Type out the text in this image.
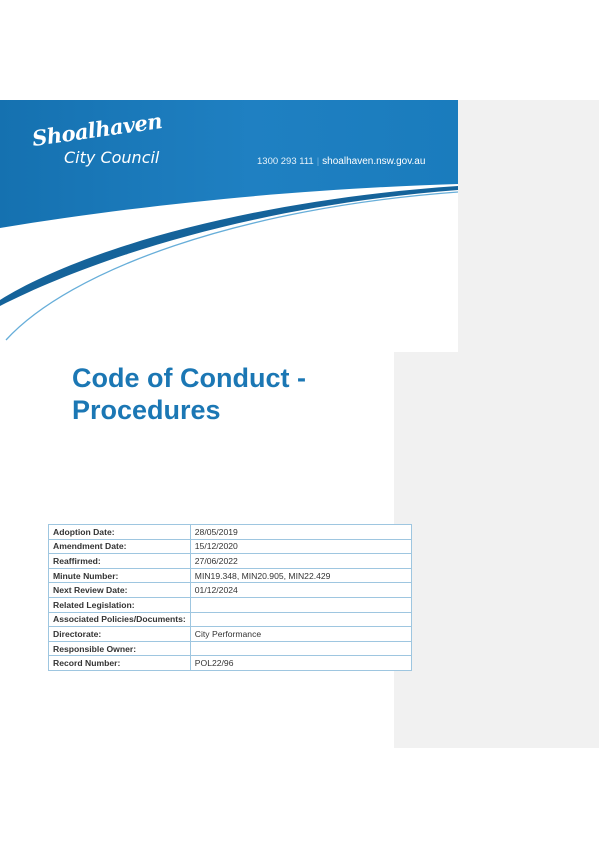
Shoalhaven
City Council	1300 293 111 | shoalhaven.nsw.gov.au
Code of Conduct -
Procedures
Adoption Date:	28/05/2019
Amendment Date:	15/12/2020
Reaffirmed:	27/06/2022
Minute Number:	MIN19.348, MIN20.905, MIN22.429
Next Review Date:	01/12/2024
Related Legislation:	
Associated Policies/Documents:	
Directorate:	City Performance
Responsible Owner:	
Record Number:	POL22/96
